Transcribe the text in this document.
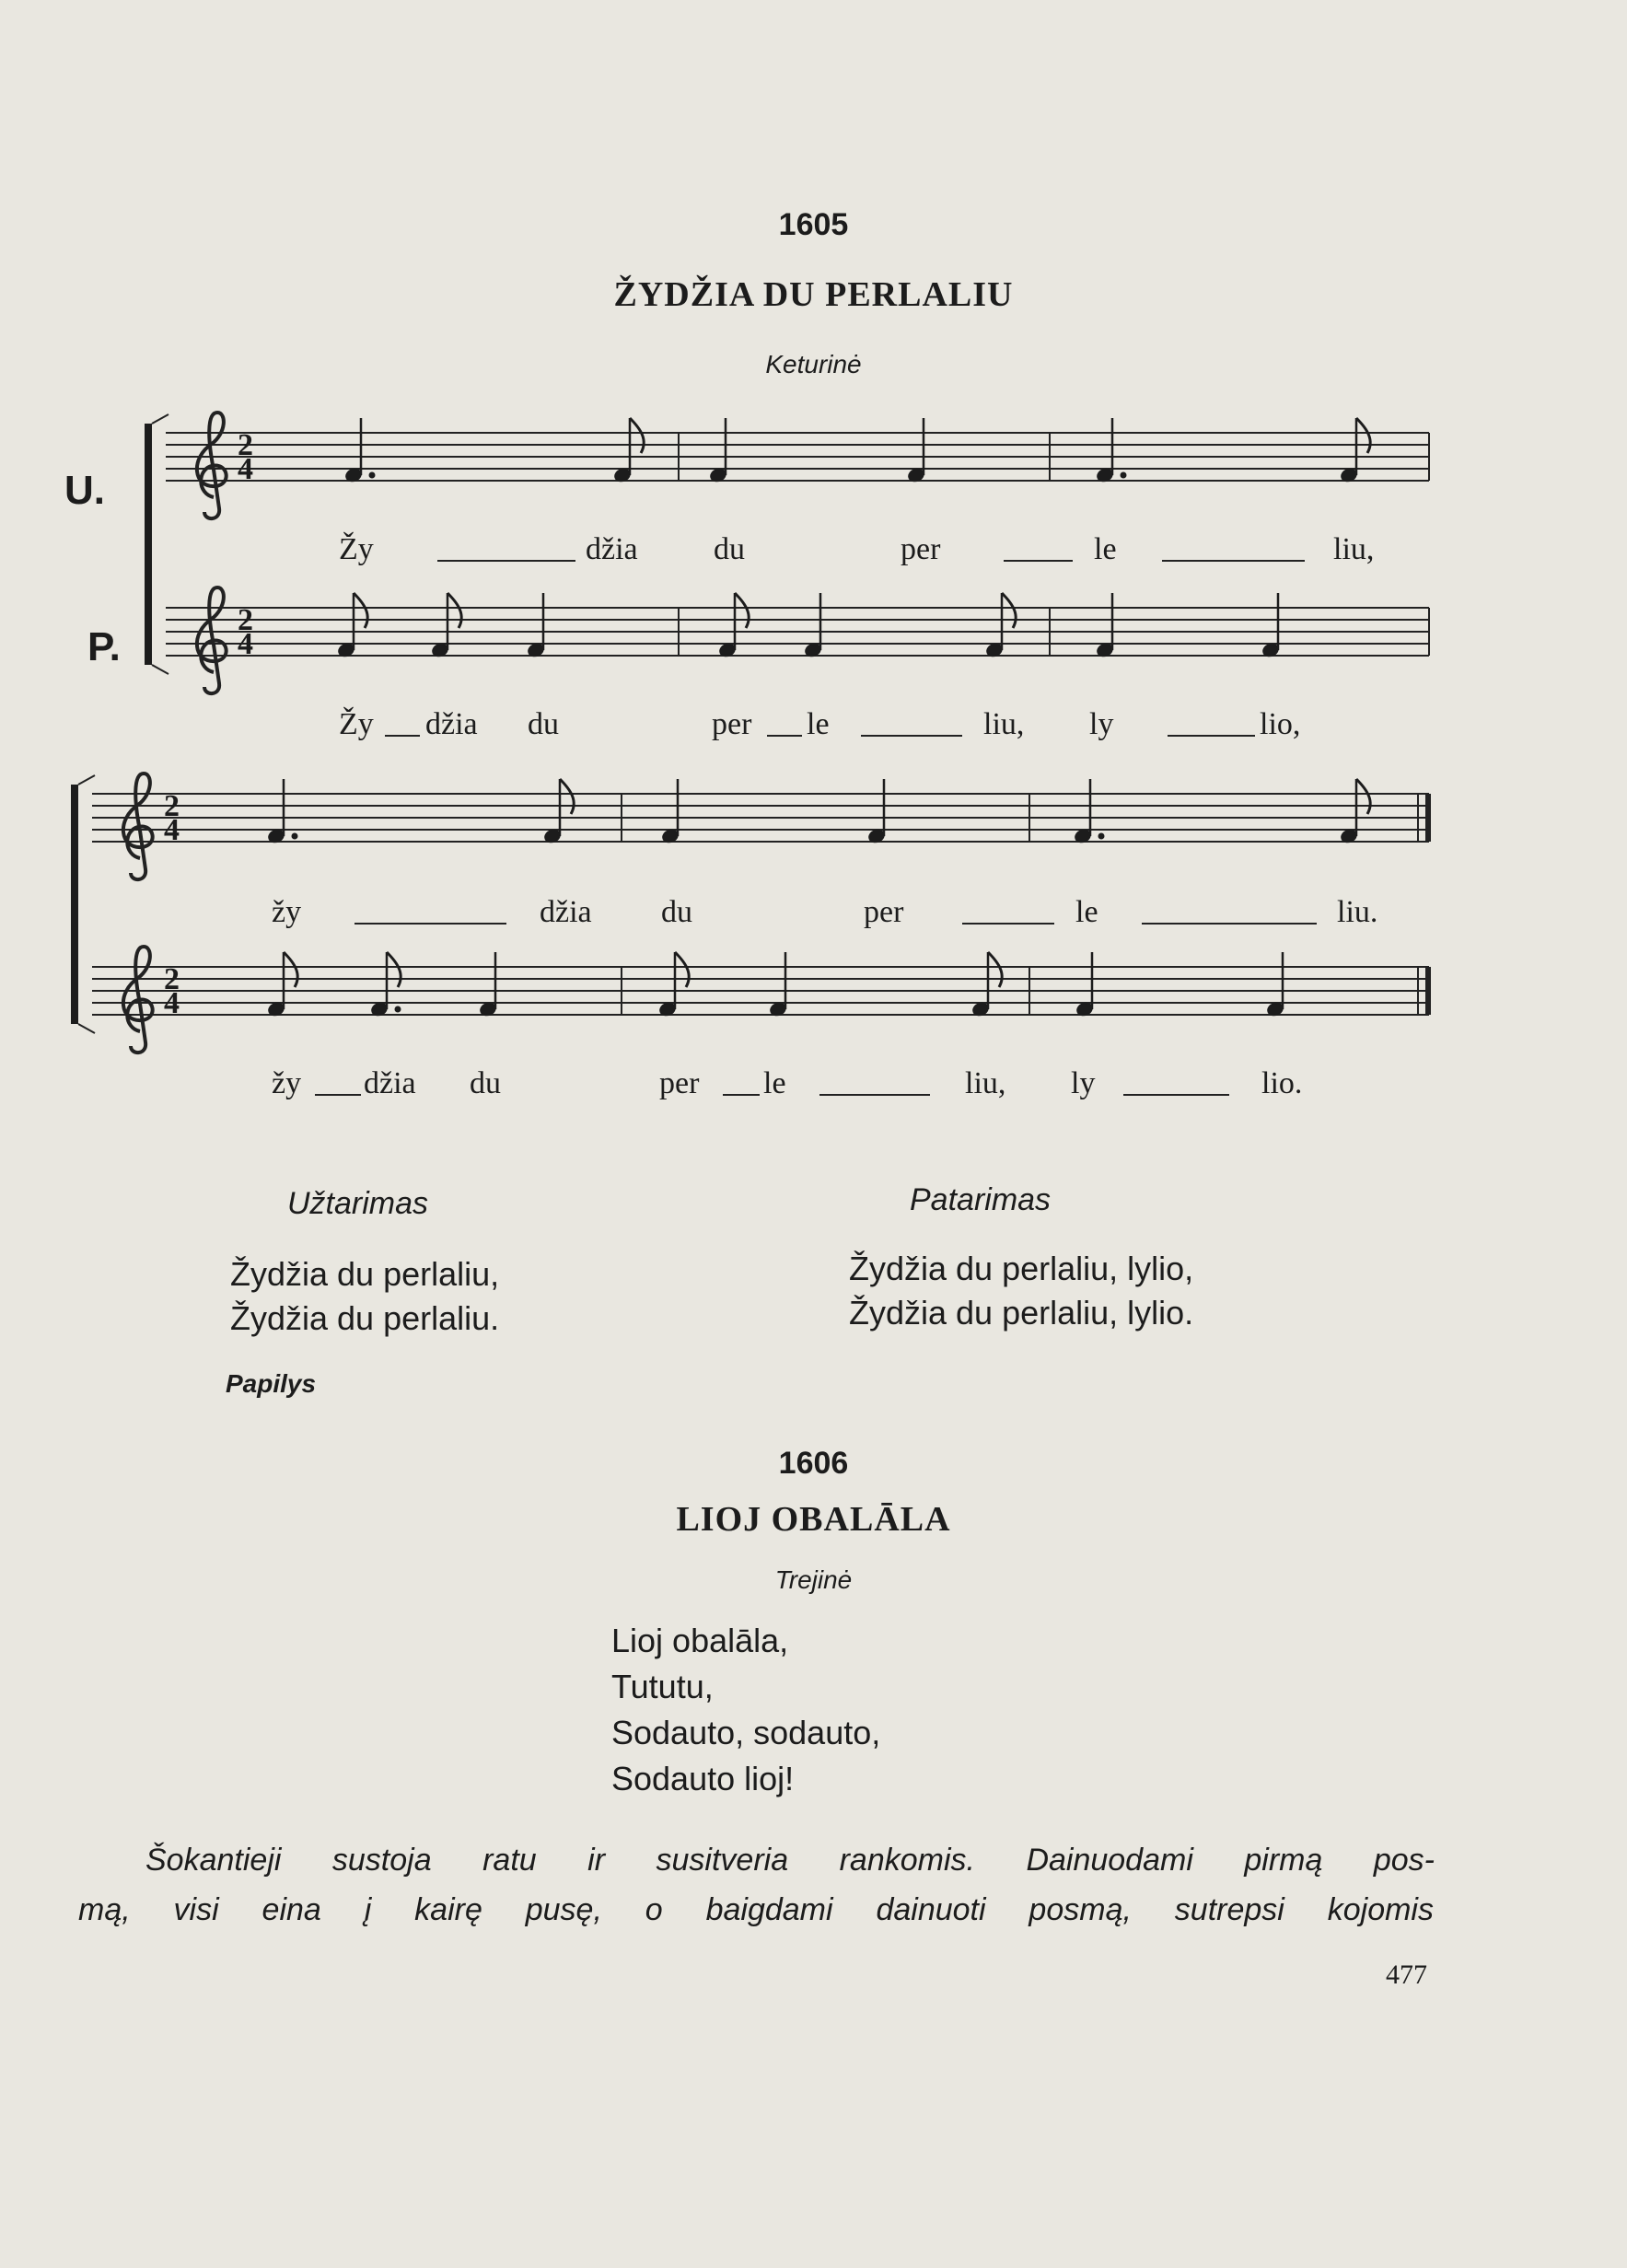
1605
ŽYDŽIA DU PERLALIU
Keturinė
U.
P.
2
4
2
4
2
4
2
4
Žy	džia du	per	le	liu,
Žy džia du	per le	liu, ly	lio,
žy	džia du	per	le	liu.
žy džia du	per le	liu, ly	lio.
Užtarimas
Žydžia du perlaliu,
Žydžia du perlaliu.
Patarimas
Žydžia du perlaliu, lylio,
Žydžia du perlaliu, lylio.
Papilys
1606
LIOJ OBALĀLA
Trejinė
Lioj obalāla,
Tututu,
Sodauto, sodauto,
Sodauto lioj!
Šokantieji sustoja ratu ir susitveria rankomis. Dainuodami pirmą pos-
mą, visi eina į kairę pusę, o baigdami dainuoti posmą, sutrepsi kojomis
477
